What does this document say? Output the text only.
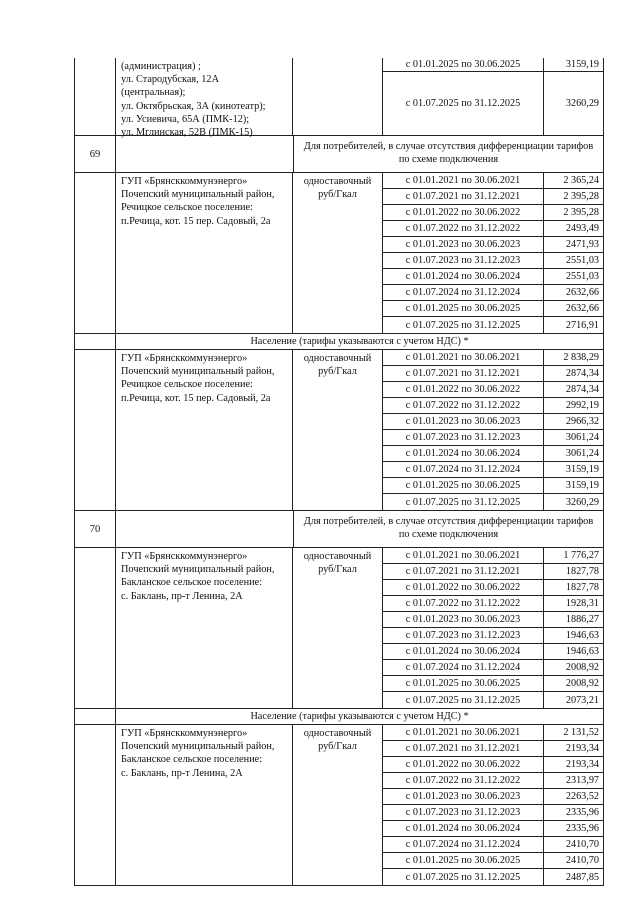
(администрация) ;
ул. Стародубская, 12А
(центральная);
ул. Октябрьская, 3А (кинотеатр);
ул. Усиевича, 65А (ПМК-12);
ул. Мглинская, 52В (ПМК-15)
с 01.01.2025 по 30.06.2025	3159,19
с 01.07.2025 по 31.12.2025	3260,29
69
Для потребителей, в случае отсутствия дифференциации тарифов по схеме подключения
ГУП «Брянсккоммунэнерго»
Почепский муниципальный район,
Речицкое сельское поселение:
п.Речица, кот. 15 пер. Садовый, 2а
одноставочный
руб/Гкал
с 01.01.2021 по 30.06.2021	2 365,24
с 01.07.2021 по 31.12.2021	2 395,28
с 01.01.2022 по 30.06.2022	2 395,28
с 01.07.2022 по 31.12.2022	2493,49
с 01.01.2023 по 30.06.2023	2471,93
с 01.07.2023 по 31.12.2023	2551,03
с 01.01.2024 по 30.06.2024	2551,03
с 01.07.2024 по 31.12.2024	2632,66
с 01.01.2025 по 30.06.2025	2632,66
с 01.07.2025 по 31.12.2025	2716,91
Население (тарифы указываются с учетом НДС) *
ГУП «Брянсккоммунэнерго»
Почепский муниципальный район,
Речицкое сельское поселение:
п.Речица, кот. 15 пер. Садовый, 2а
одноставочный
руб/Гкал
с 01.01.2021 по 30.06.2021	2 838,29
с 01.07.2021 по 31.12.2021	2874,34
с 01.01.2022 по 30.06.2022	2874,34
с 01.07.2022 по 31.12.2022	2992,19
с 01.01.2023 по 30.06.2023	2966,32
с 01.07.2023 по 31.12.2023	3061,24
с 01.01.2024 по 30.06.2024	3061,24
с 01.07.2024 по 31.12.2024	3159,19
с 01.01.2025 по 30.06.2025	3159,19
с 01.07.2025 по 31.12.2025	3260,29
70
Для потребителей, в случае отсутствия дифференциации тарифов по схеме подключения
ГУП «Брянсккоммунэнерго»
Почепский муниципальный район,
Бакланское сельское поселение:
с. Баклань, пр-т Ленина, 2А
одноставочный
руб/Гкал
с 01.01.2021 по 30.06.2021	1 776,27
с 01.07.2021 по 31.12.2021	1827,78
с 01.01.2022 по 30.06.2022	1827,78
с 01.07.2022 по 31.12.2022	1928,31
с 01.01.2023 по 30.06.2023	1886,27
с 01.07.2023 по 31.12.2023	1946,63
с 01.01.2024 по 30.06.2024	1946,63
с 01.07.2024 по 31.12.2024	2008,92
с 01.01.2025 по 30.06.2025	2008,92
с 01.07.2025 по 31.12.2025	2073,21
Население (тарифы указываются с учетом НДС) *
ГУП «Брянсккоммунэнерго»
Почепский муниципальный район,
Бакланское сельское поселение:
с. Баклань, пр-т Ленина, 2А
одноставочный
руб/Гкал
с 01.01.2021 по 30.06.2021	2 131,52
с 01.07.2021 по 31.12.2021	2193,34
с 01.01.2022 по 30.06.2022	2193,34
с 01.07.2022 по 31.12.2022	2313,97
с 01.01.2023 по 30.06.2023	2263,52
с 01.07.2023 по 31.12.2023	2335,96
с 01.01.2024 по 30.06.2024	2335,96
с 01.07.2024 по 31.12.2024	2410,70
с 01.01.2025 по 30.06.2025	2410,70
с 01.07.2025 по 31.12.2025	2487,85
